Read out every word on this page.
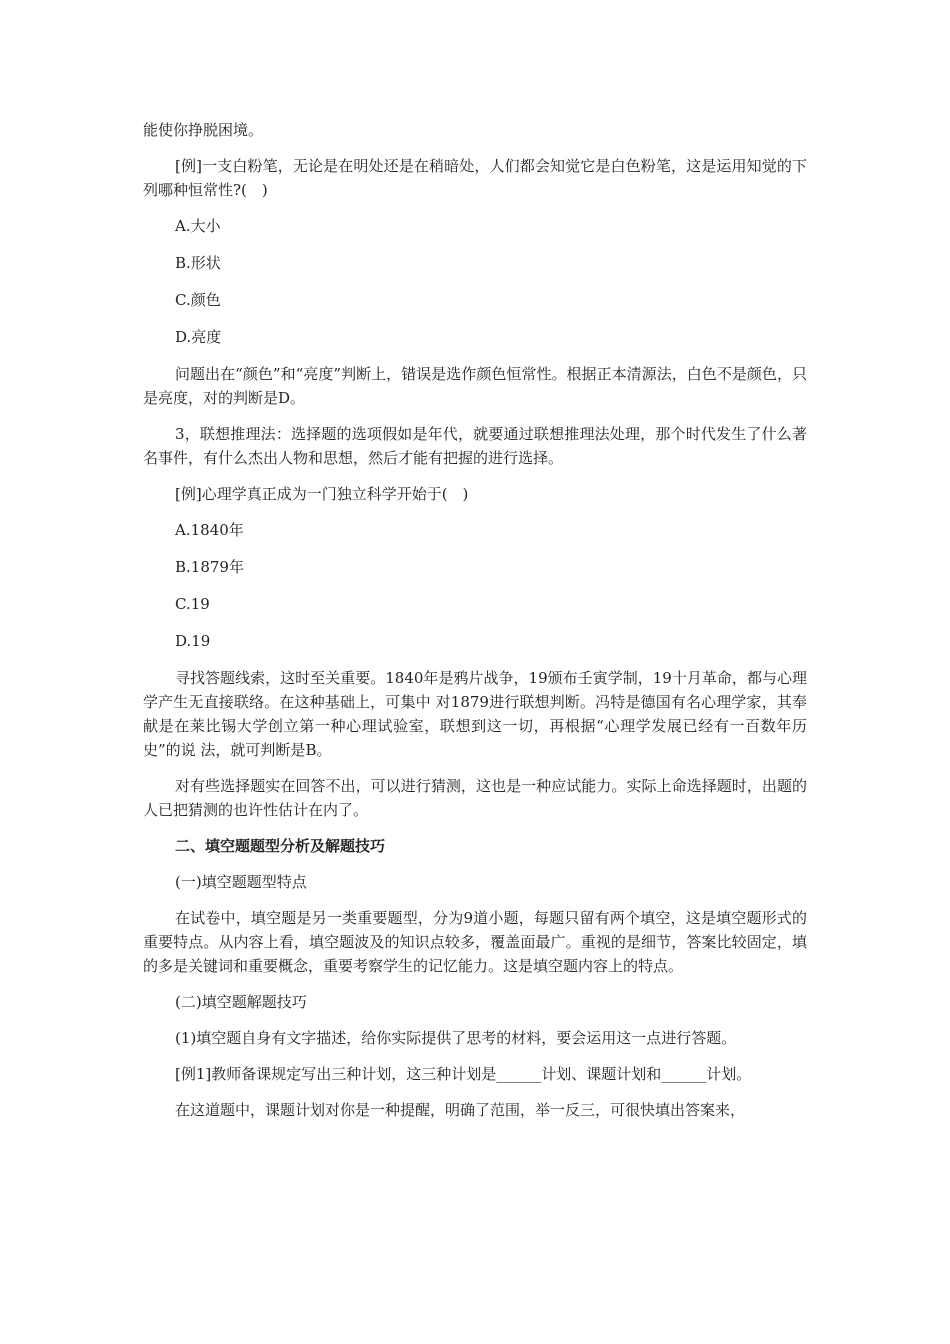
能使你挣脱困境。

[例]一支白粉笔，无论是在明处还是在稍暗处，人们都会知觉它是白色粉笔，这是运用知觉的下列哪种恒常性?(　)

A.大小
B.形状
C.颜色
D.亮度

问题出在“颜色”和“亮度”判断上，错误是选作颜色恒常性。根据正本清源法，白色不是颜色，只是亮度，对的判断是D。

3，联想推理法：选择题的选项假如是年代，就要通过联想推理法处理，那个时代发生了什么著名事件，有什么杰出人物和思想，然后才能有把握的进行选择。

[例]心理学真正成为一门独立科学开始于(　)

A.1840年
B.1879年
C.19
D.19

寻找答题线索，这时至关重要。1840年是鸦片战争，19颁布壬寅学制，19十月革命，都与心理学产生无直接联络。在这种基础上，可集中 对1879进行联想判断。冯特是德国有名心理学家，其奉献是在莱比锡大学创立第一种心理试验室，联想到这一切，再根据“心理学发展已经有一百数年历史”的说 法，就可判断是B。

对有些选择题实在回答不出，可以进行猜测，这也是一种应试能力。实际上命选择题时，出题的人已把猜测的也许性估计在内了。

二、填空题题型分析及解题技巧
(一)填空题题型特点

在试卷中，填空题是另一类重要题型，分为9道小题，每题只留有两个填空，这是填空题形式的重要特点。从内容上看，填空题波及的知识点较多，覆盖面最广。重视的是细节，答案比较固定，填的多是关键词和重要概念，重要考察学生的记忆能力。这是填空题内容上的特点。

(二)填空题解题技巧

(1)填空题自身有文字描述，给你实际提供了思考的材料，要会运用这一点进行答题。

[例1]教师备课规定写出三种计划，这三种计划是______计划、课题计划和______计划。

在这道题中，课题计划对你是一种提醒，明确了范围，举一反三，可很快填出答案来，
